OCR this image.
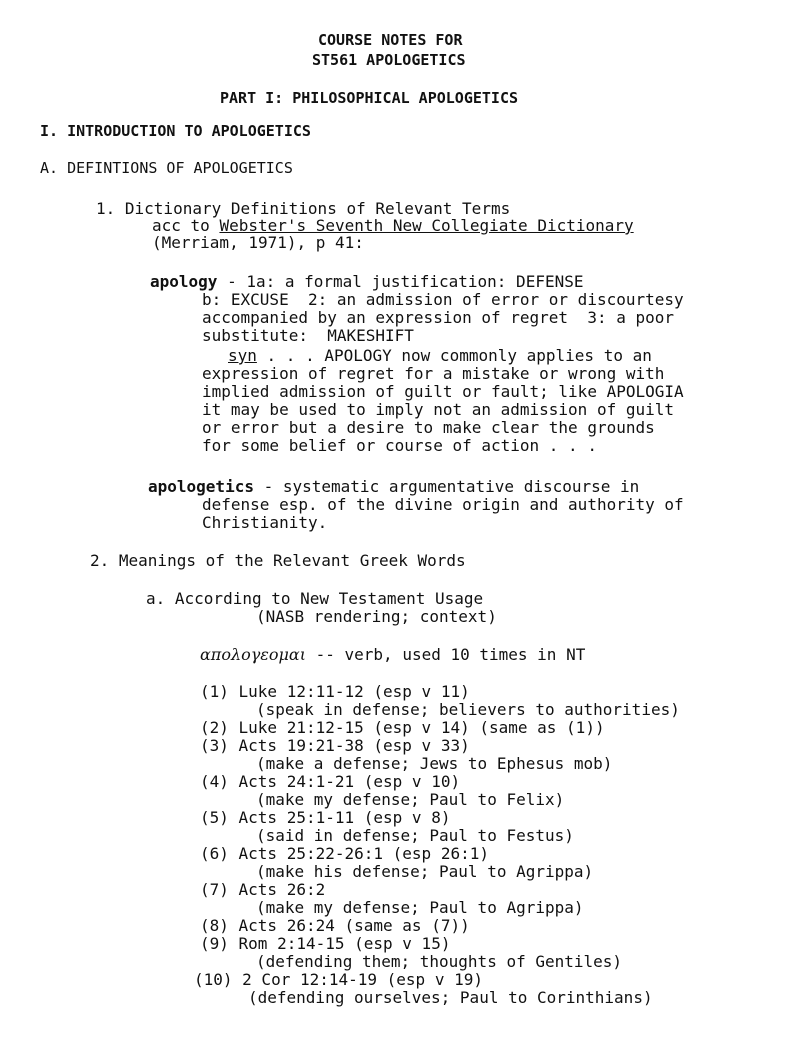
COURSE NOTES FOR
ST561 APOLOGETICS
PART I: PHILOSOPHICAL APOLOGETICS
I. INTRODUCTION TO APOLOGETICS
A. DEFINTIONS OF APOLOGETICS
1. Dictionary Definitions of Relevant Terms
acc to Webster's Seventh New Collegiate Dictionary
(Merriam, 1971), p 41:
apology - 1a: a formal justification: DEFENSE
b: EXCUSE  2: an admission of error or discourtesy
accompanied by an expression of regret  3: a poor
substitute:  MAKESHIFT
syn . . . APOLOGY now commonly applies to an
expression of regret for a mistake or wrong with
implied admission of guilt or fault; like APOLOGIA
it may be used to imply not an admission of guilt
or error but a desire to make clear the grounds
for some belief or course of action . . .
apologetics - systematic argumentative discourse in
defense esp. of the divine origin and authority of
Christianity.
2. Meanings of the Relevant Greek Words
a. According to New Testament Usage
(NASB rendering; context)
απολογεομαι -- verb, used 10 times in NT
(1) Luke 12:11-12 (esp v 11)
(speak in defense; believers to authorities)
(2) Luke 21:12-15 (esp v 14) (same as (1))
(3) Acts 19:21-38 (esp v 33)
(make a defense; Jews to Ephesus mob)
(4) Acts 24:1-21 (esp v 10)
(make my defense; Paul to Felix)
(5) Acts 25:1-11 (esp v 8)
(said in defense; Paul to Festus)
(6) Acts 25:22-26:1 (esp 26:1)
(make his defense; Paul to Agrippa)
(7) Acts 26:2
(make my defense; Paul to Agrippa)
(8) Acts 26:24 (same as (7))
(9) Rom 2:14-15 (esp v 15)
(defending them; thoughts of Gentiles)
(10) 2 Cor 12:14-19 (esp v 19)
(defending ourselves; Paul to Corinthians)
